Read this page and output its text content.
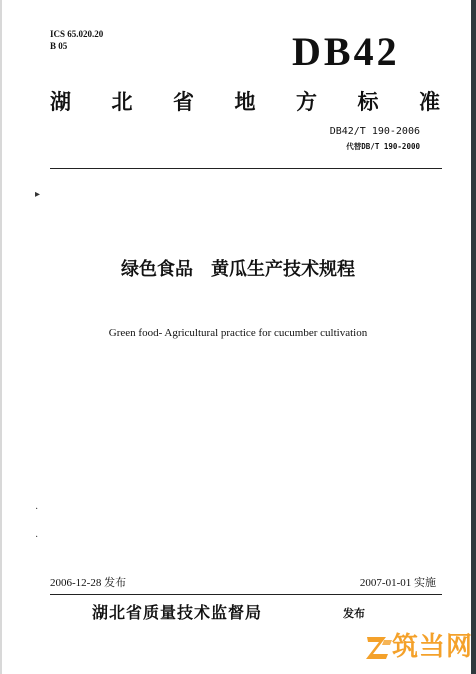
ICS 65.020.20
B 05	DB42
湖 北 省 地 方 标 准
DB42/T 190-2006
代替DB/T 190-2000
▸
绿色食品 黄瓜生产技术规程
Green food- Agricultural practice for cucumber cultivation
·
·
2006-12-28 发布	2007-01-01 实施
湖北省质量技术监督局	发布
筑当网
